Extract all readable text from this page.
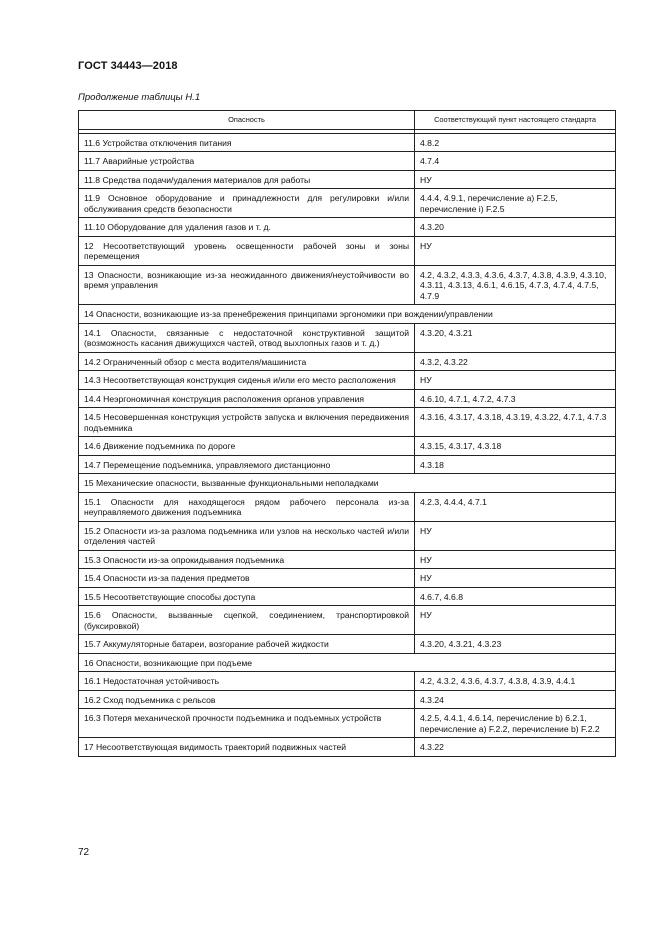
ГОСТ 34443—2018
Продолжение таблицы Н.1
Опасность	Соответствующий пункт настоящего стандарта

11.6 Устройства отключения питания	4.8.2
11.7 Аварийные устройства	4.7.4
11.8 Средства подачи/удаления материалов для работы	НУ
11.9 Основное оборудование и принадлежности для регулировки и/или обслуживания средств безопасности	4.4.4, 4.9.1, перечисление а) F.2.5, перечисление i) F.2.5
11.10 Оборудование для удаления газов и т. д.	4.3.20
12 Несоответствующий уровень освещенности рабочей зоны и зоны перемещения	НУ
13 Опасности, возникающие из-за неожиданного движения/неустойчивости во время управления	4.2, 4.3.2, 4.3.3, 4.3.6, 4.3.7, 4.3.8, 4.3.9, 4.3.10, 4.3.11, 4.3.13, 4.6.1, 4.6.15, 4.7.3, 4.7.4, 4.7.5, 4.7.9
14 Опасности, возникающие из-за пренебрежения принципами эргономики при вождении/управлении	
14.1 Опасности, связанные с недостаточной конструктивной защитой (возможность касания движущихся частей, отвод выхлопных газов и т. д.)	4.3.20, 4.3.21
14.2 Ограниченный обзор с места водителя/машиниста	4.3.2, 4.3.22
14.3 Несоответствующая конструкция сиденья и/или его место расположения	НУ
14.4 Неэргономичная конструкция расположения органов управления	4.6.10, 4.7.1, 4.7.2, 4.7.3
14.5 Несовершенная конструкция устройств запуска и включения передвижения подъемника	4.3.16, 4.3.17, 4.3.18, 4.3.19, 4.3.22, 4.7.1, 4.7.3
14.6 Движение подъемника по дороге	4.3.15, 4.3.17, 4.3.18
14.7 Перемещение подъемника, управляемого дистанционно	4.3.18
15 Механические опасности, вызванные функциональными неполадками	
15.1 Опасности для находящегося рядом рабочего персонала из-за неуправляемого движения подъемника	4.2.3, 4.4.4, 4.7.1
15.2 Опасности из-за разлома подъемника или узлов на несколько частей и/или отделения частей	НУ
15.3 Опасности из-за опрокидывания подъемника	НУ
15.4 Опасности из-за падения предметов	НУ
15.5 Несоответствующие способы доступа	4.6.7, 4.6.8
15.6 Опасности, вызванные сцепкой, соединением, транспортировкой (буксировкой)	НУ
15.7 Аккумуляторные батареи, возгорание рабочей жидкости	4.3.20, 4.3.21, 4.3.23
16 Опасности, возникающие при подъеме	
16.1 Недостаточная устойчивость	4.2, 4.3.2, 4.3.6, 4.3.7, 4.3.8, 4.3.9, 4.4.1
16.2 Сход подъемника с рельсов	4.3.24
16.3 Потеря механической прочности подъемника и подъемных устройств	4.2.5, 4.4.1, 4.6.14, перечисление b) 6.2.1, перечисление а) F.2.2, перечисление b) F.2.2
17 Несоответствующая видимость траекторий подвижных частей	4.3.22
72
